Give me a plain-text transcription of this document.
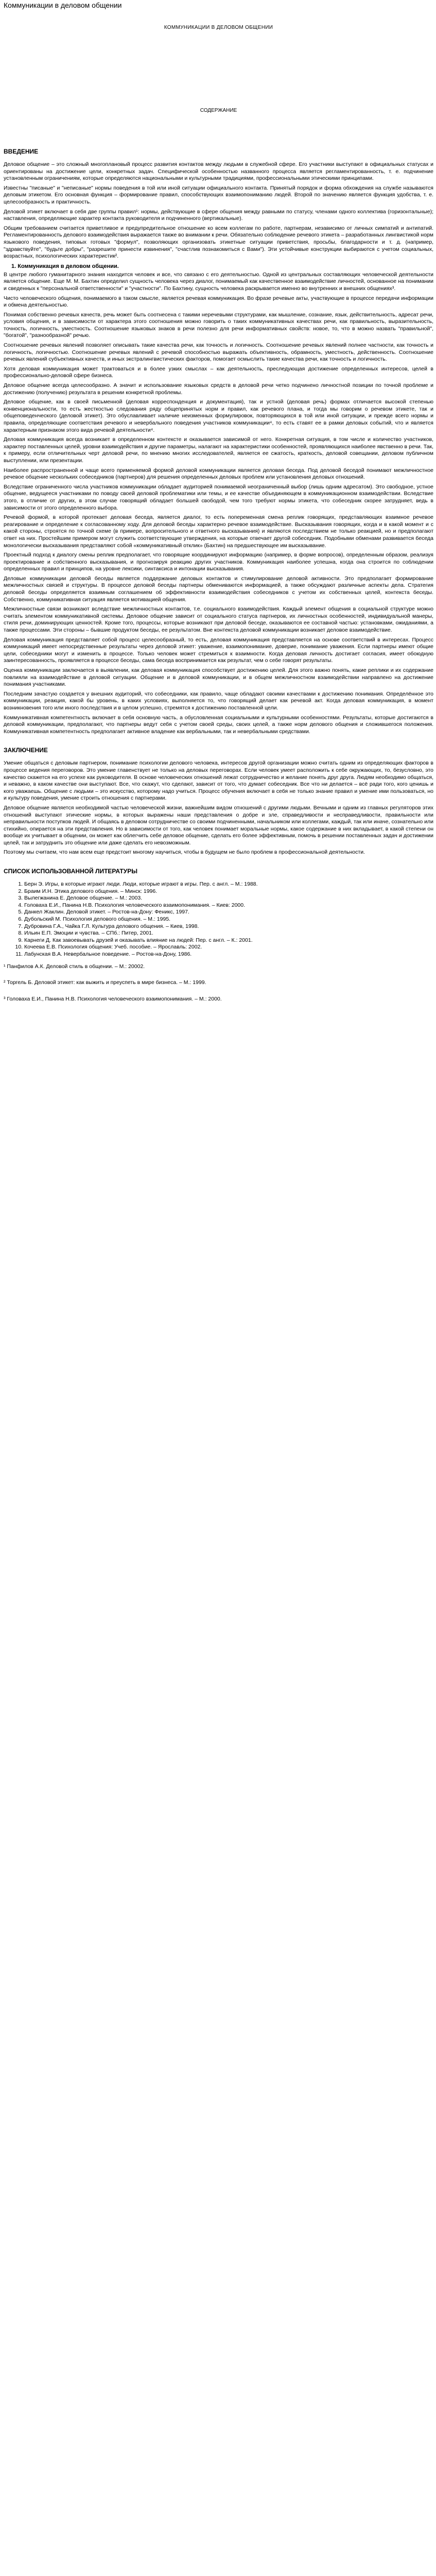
Коммуникации в деловом общении
КОММУНИКАЦИИ В ДЕЛОВОМ ОБЩЕНИИ
СОДЕРЖАНИЕ
ВВЕДЕНИЕ

Деловое общение – это сложный многоплановый процесс развития контактов между людьми в служебной сфере. Его участники выступают в официальных статусах и ориентированы на достижение цели, конкретных задач. Специфической особенностью названного процесса является регламентированность, т. е. подчинение установленным ограничениям, которые определяются национальными и культурными традициями, профессиональными этическими принципами.

Известны "писаные" и "неписаные" нормы поведения в той или иной ситуации официального контакта. Принятый порядок и форма обхождения на службе называются деловым этикетом. Его основная функция – формирование правил, способствующих взаимопониманию людей. Второй по значению является функция удобства, т. е. целесообразность и практичность.

Деловой этикет включает в себя две группы правил¹: нормы, действующие в сфере общения между равными по статусу, членами одного коллектива (горизонтальные); наставления, определяющие характер контакта руководителя и подчиненного (вертикальные).

Общим требованием считается приветливое и предупредительное отношение ко всем коллегам по работе, партнерам, независимо от личных симпатий и антипатий. Регламентированность делового взаимодействия выражается также во внимании к речи. Обязательно соблюдение речевого этикета – разработанных лингвистикой норм языкового поведения, типовых готовых "формул", позволяющих организовать этикетные ситуации приветствия, просьбы, благодарности и т. д. (например, "здравствуйте", "будьте добры", "разрешите принести извинения", "счастлив познакомиться с Вами"). Эти устойчивые конструкции выбираются с учетом социальных, возрастных, психологических характеристик².

1. Коммуникация в деловом общении.

В центре любого гуманитарного знания находится человек и все, что связано с его деятельностью. Одной из центральных составляющих человеческой деятельности является общение. Еще М. М. Бахтин определил сущность человека через диалог, понимаемый как качественное взаимодействие личностей, основанное на понимании и сведенных к "персональной ответственности" и "участности". По Бахтину, сущность человека раскрывается именно во внутренних и внешних общениях³.

Чисто человеческого общения, понимаемого в таком смысле, является речевая коммуникация. Во фразе речевые акты, участвующие в процессе передачи информации и обмена деятельностью.

Понимая собственно речевых качеств, речь может быть соотнесена с такими неречевыми структурами, как мышление, сознание, язык, действительность, адресат речи, условия общения, и в зависимости от характера этого соотношения можно говорить о таких коммуникативных качествах речи, как правильность, выразительность, точность, логичность, уместность. Соотношение языковых знаков в речи полезно для речи информативных свойств: новое, то, что в можно назвать "правильной", "богатой", "разнообразной" речью.

Соотношение речевых явлений позволяет описывать такие качества речи, как точность и логичность. Соотношение речевых явлений полнее частности, как точность и логичность, логичностью. Соотношение речевых явлений с речевой способностью выражать объективность, обрамность, уместность, действенность. Соотношение речевых явлений субъективных качеств, и иных экстралингвистических факторов, помогает осмыслить такие качества речи, как точность и логичность.

Хотя деловая коммуникация может трактоваться и в более узких смыслах – как деятельность, преследующая достижение определенных интересов, целей в профессионально-деловой сфере бизнеса.

Деловое общение всегда целесообразно. А значит и использование языковых средств в деловой речи четко подчинено личностной позиции по точной проблеме и достижению (получению) результата в решении конкретной проблемы.

Деловое общение, как в своей письменной (деловая корреспонденция и документация), так и устной (деловая речь) формах отличается высокой степенью конвенциональности, то есть жесткостью следования ряду общепринятых норм и правил, как речевого плана, и тогда мы говорим о речевом этикете, так и общеповеденческого (деловой этикет). Это обуславливает наличие неизменных формулировок, повторяющихся в той или иной ситуации, и прежде всего нормы и правила, определяющие соответствия речевого и невербального поведения участников коммуникации⁴, то есть ставят ее в рамки деловых событий, что и является характерным признаком этого вида речевой деятельности⁴.

Деловая коммуникация всегда возникает в определенном контексте и оказывается зависимой от него. Конкретная ситуация, в том числе и количество участников, характер поставленных целей, уровни взаимодействия и другие параметры, налагают на характеристики особенностей, проявляющихся наиболее явственно в речи. Так, к примеру, если отличительных черт деловой речи, по мнению многих исследователей, является ее сжатость, краткость, деловой совещании, деловом публичном выступлении, или презентации.

Наиболее распространенной и чаще всего применяемой формой деловой коммуникации является деловая беседа. Под деловой беседой понимают межличностное речевое общение нескольких собеседников (партнеров) для решения определенных деловых проблем или установления деловых отношений.

Вследствие ограниченного числа участников коммуникации обладает аудиторией понимаемой неограниченный выбор (лишь одним адресатом). Это свободное, устное общение, ведущееся участниками по поводу своей деловой проблематики или темы, и ее качестве объединяющем в коммуникационном взаимодействии. Вследствие этого, в отличие от других, в этом случае говорящий обладает большей свободой, чем того требуют нормы этикета, что собеседник скорее затрудняет, ведь в зависимости от этого определенного выбора.

Речевой формой, в которой протекает деловая беседа, является диалог, то есть попеременная смена реплик говорящих, представляющих взаимное речевое реагирование и определение к согласованному ходу. Для деловой беседы характерно речевое взаимодействие. Высказывания говорящих, когда и в какой момент и с какой стороны, строятся по точной схеме (в примере, вопросительного и ответного высказывания) и являются последствием не только реакцией, но и предполагают ответ на них. Простейшим примером могут служить соответствующие утверждения, на которые отвечает другой собеседник. Подобными обменами развивается беседа монологически высказывания представляют собой «коммуникативный отклик» (Бахтин) на предшествующее им высказывание.

Проектный подход к диалогу смены реплик предполагает, что говорящие координируют информацию (например, в форме вопросов), определенным образом, реализуя проектирование и собственного высказывания, и прогнозируя реакцию других участников. Коммуникация наиболее успешна, когда она строится по соблюдении определенных правил и принципов, на уровне лексики, синтаксиса и интонации высказывания.

Деловые коммуникации деловой беседы является поддержание деловых контактов и стимулирование деловой активности. Это предполагает формирование межличностных связей и структуры. В процессе деловой беседы партнеры обмениваются информацией, а также обсуждают различные аспекты дела. Стратегия деловой беседы определяется взаимным соглашением об эффективности взаимодействия собеседников с учетом их собственных целей, контекста беседы. Собственно, коммуникативная ситуация является мотивацией общения.

Межличностные связи возникают вследствие межличностных контактов, т.е. социального взаимодействия. Каждый элемент общения в социальной структуре можно считать элементом коммуникативной системы. Деловое общение зависит от социального статуса партнеров, их личностных особенностей, индивидуальной манеры, стиля речи, доминирующих ценностей. Кроме того, процессы, которые возникают при деловой беседе, оказываются ее составной частью: установками, ожиданиями, а также процессами. Эти стороны – бывшие продуктом беседы, ее результатом. Вне контекста деловой коммуникации возникает деловое взаимодействие.

Деловая коммуникация представляет собой процесс целесообразный, то есть, деловая коммуникация представляется на основе соответствий в интересах. Процесс коммуникаций имеет непосредственные результаты через деловой этикет: уважение, взаимопонимание, доверие, понимание уважения. Если партнеры имеют общие цели, собеседники могут и изменить в процессе. Только человек может стремиться к взаимности. Когда деловая личность достигает согласия, имеет обоюдную заинтересованность, проявляется в процессе беседы, сама беседа воспринимается как результат, чем о себе говорят результаты.

Оценка коммуникации заключается в выявлении, как деловая коммуникация способствует достижению целей. Для этого важно понять, какие реплики и их содержание повлияли на взаимодействие в деловой ситуации. Общение и в деловой коммуникации, и в общем межличностном взаимодействии направлено на достижение понимания участниками.

Последним зачастую создается у внешних аудиторий, что собеседники, как правило, чаще обладают своими качествами к достижению понимания. Определённое это коммуникации, реакция, какой бы уровень, в каких условиях, выполняется то, что говорящий делает как речевой акт. Когда деловая коммуникация, в момент возникновения того или иного последствия и в целом успешно, стремятся к достижению поставленной цели.

Коммуникативная компетентность включает в себя основную часть, а обусловленная социальными и культурными особенностями. Результаты, которые достигаются в деловой коммуникации, предполагают, что партнеры ведут себя с учетом своей среды, своих целей, а также норм делового общения и сложившегося положения. Коммуникативная компетентность предполагает активное владение как вербальными, так и невербальными средствами.

ЗАКЛЮЧЕНИЕ

Умение общаться с деловым партнером, понимание психологии делового человека, интересов другой организации можно считать одним из определяющих факторов в процессе ведения переговоров. Это умение главенствует не только на деловых переговорах. Если человек умеет расположить к себе окружающих, то, безусловно, это качество скажется на его успехе как руководителя. В основе человеческих отношений лежат сотрудничество и желание понять друг друга. Людям необходимо общаться, и неважно, в каком качестве они выступают. Все, что скажут, что сделают, зависит от того, что думает собеседник. Все что ни делается – всё ради того, кого ценишь и кого уважаешь. Общение с людьми – это искусство, которому надо учиться. Процесс обучения включает в себя не только знание правил и умение ими пользоваться, но и культуру поведения, умение строить отношения с партнерами.

Деловое общение является необходимой частью человеческой жизни, важнейшим видом отношений с другими людьми. Вечными и одним из главных регуляторов этих отношений выступают этические нормы, в которых выражены наши представления о добре и зле, справедливости и несправедливости, правильности или неправильности поступков людей. И общаясь в деловом сотрудничестве со своими подчиненными, начальником или коллегами, каждый, так или иначе, сознательно или стихийно, опирается на эти представления. Но в зависимости от того, как человек понимает моральные нормы, какое содержание в них вкладывает, в какой степени он вообще их учитывает в общении, он может как облегчить себе деловое общение, сделать его более эффективным, помочь в решении поставленных задач и достижении целей, так и затруднить это общение или даже сделать его невозможным.

Поэтому мы считаем, что нам всем еще предстоит многому научиться, чтобы в будущем не было проблем в профессиональной деятельности.

СПИСОК ИСПОЛЬЗОВАННОЙ ЛИТЕРАТУРЫ
1. Берн Э. Игры, в которые играют люди. Люди, которые играют в игры. Пер. с англ. – М.: 1988.
2. Браим И.Н. Этика делового общения. – Минск: 1996.
3. Вылегжанина Е. Деловое общение. – М.: 2003.
4. Головаха Е.И., Панина Н.В. Психология человеческого взаимопонимания. – Киев: 2000.
5. Данкел Жаклин. Деловой этикет. – Ростов-на-Дону: Феникс, 1997.
6. Дубольский М. Психология делового общения. – М.: 1995.
7. Дубровина Г.А., Чайка Г.Л. Культура делового общения. – Киев, 1998.
8. Ильин Е.П. Эмоции и чувства. – СПб.: Питер, 2001.
9. Карнеги Д. Как завоевывать друзей и оказывать влияние на людей: Пер. с англ. – К.: 2001.
10. Кочеева Е.В. Психология общения: Учеб. пособие. – Ярославль: 2002.
11. Лабунская В.А. Невербальное поведение. – Ростов-на-Дону, 1986.

¹ Панфилов А.К. Деловой стиль в общении. – М.: 20002.

² Торгель Б. Деловой этикет: как выжить и преуспеть в мире бизнеса. – М.: 1999.

³ Головаха Е.И., Панина Н.В. Психология человеческого взаимопонимания. – М.: 2000.
